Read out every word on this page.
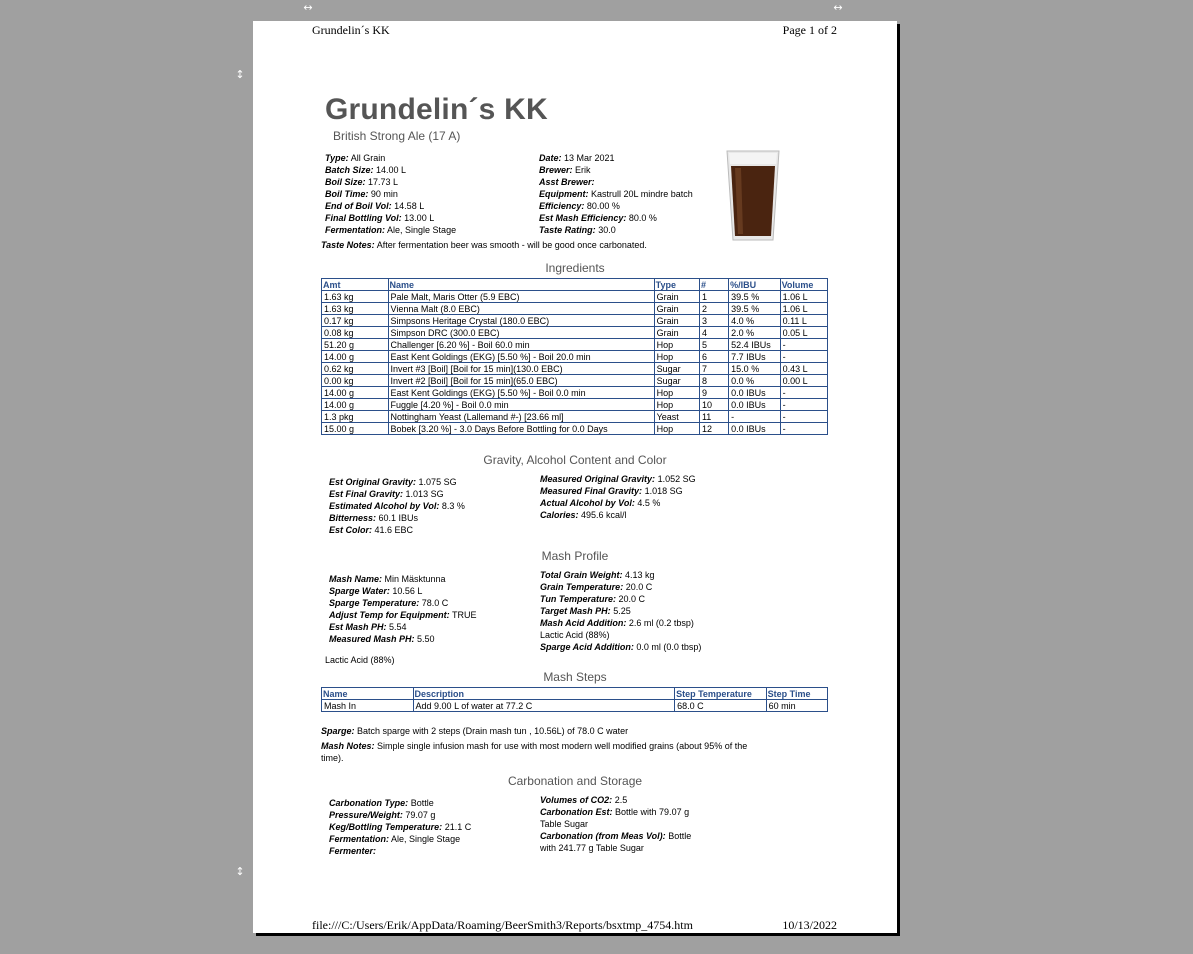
↔	↔
↕
↕
Grundelin´s KK	Page 1 of 2
Grundelin´s KK
British Strong Ale (17 A)
Type: All Grain
Batch Size: 14.00 L
Boil Size: 17.73 L
Boil Time: 90 min
End of Boil Vol: 14.58 L
Final Bottling Vol: 13.00 L
Fermentation: Ale, Single Stage
Date: 13 Mar 2021
Brewer: Erik
Asst Brewer:
Equipment: Kastrull 20L mindre batch
Efficiency: 80.00 %
Est Mash Efficiency: 80.0 %
Taste Rating: 30.0
Taste Notes: After fermentation beer was smooth - will be good once carbonated.
Ingredients
Amt	Name	Type	#	%/IBU	Volume
1.63 kg	Pale Malt, Maris Otter (5.9 EBC)	Grain	1	39.5 %	1.06 L
1.63 kg	Vienna Malt (8.0 EBC)	Grain	2	39.5 %	1.06 L
0.17 kg	Simpsons Heritage Crystal (180.0 EBC)	Grain	3	4.0 %	0.11 L
0.08 kg	Simpson DRC (300.0 EBC)	Grain	4	2.0 %	0.05 L
51.20 g	Challenger [6.20 %] - Boil 60.0 min	Hop	5	52.4 IBUs	-
14.00 g	East Kent Goldings (EKG) [5.50 %] - Boil 20.0 min	Hop	6	7.7 IBUs	-
0.62 kg	Invert #3 [Boil] [Boil for 15 min](130.0 EBC)	Sugar	7	15.0 %	0.43 L
0.00 kg	Invert #2 [Boil] [Boil for 15 min](65.0 EBC)	Sugar	8	0.0 %	0.00 L
14.00 g	East Kent Goldings (EKG) [5.50 %] - Boil 0.0 min	Hop	9	0.0 IBUs	-
14.00 g	Fuggle [4.20 %] - Boil 0.0 min	Hop	10	0.0 IBUs	-
1.3 pkg	Nottingham Yeast (Lallemand #-) [23.66 ml]	Yeast	11	-	-
15.00 g	Bobek [3.20 %] - 3.0 Days Before Bottling for 0.0 Days	Hop	12	0.0 IBUs	-
Gravity, Alcohol Content and Color
Est Original Gravity: 1.075 SG
Est Final Gravity: 1.013 SG
Estimated Alcohol by Vol: 8.3 %
Bitterness: 60.1 IBUs
Est Color: 41.6 EBC
Measured Original Gravity: 1.052 SG
Measured Final Gravity: 1.018 SG
Actual Alcohol by Vol: 4.5 %
Calories: 495.6 kcal/l
Mash Profile
Mash Name: Min Mäsktunna
Sparge Water: 10.56 L
Sparge Temperature: 78.0 C
Adjust Temp for Equipment: TRUE
Est Mash PH: 5.54
Measured Mash PH: 5.50
Total Grain Weight: 4.13 kg
Grain Temperature: 20.0 C
Tun Temperature: 20.0 C
Target Mash PH: 5.25
Mash Acid Addition: 2.6 ml (0.2 tbsp)
Lactic Acid (88%)
Sparge Acid Addition: 0.0 ml (0.0 tbsp)
Lactic Acid (88%)
Mash Steps
Name	Description	Step Temperature	Step Time
Mash In	Add 9.00 L of water at 77.2 C	68.0 C	60 min
Sparge: Batch sparge with 2 steps (Drain mash tun , 10.56L) of 78.0 C water
Mash Notes: Simple single infusion mash for use with most modern well modified grains (about 95% of the
time).
Carbonation and Storage
Carbonation Type: Bottle
Pressure/Weight: 79.07 g
Keg/Bottling Temperature: 21.1 C
Fermentation: Ale, Single Stage
Fermenter:
Volumes of CO2: 2.5
Carbonation Est: Bottle with 79.07 g
Table Sugar
Carbonation (from Meas Vol): Bottle
with 241.77 g Table Sugar
file:///C:/Users/Erik/AppData/Roaming/BeerSmith3/Reports/bsxtmp_4754.htm	10/13/2022
